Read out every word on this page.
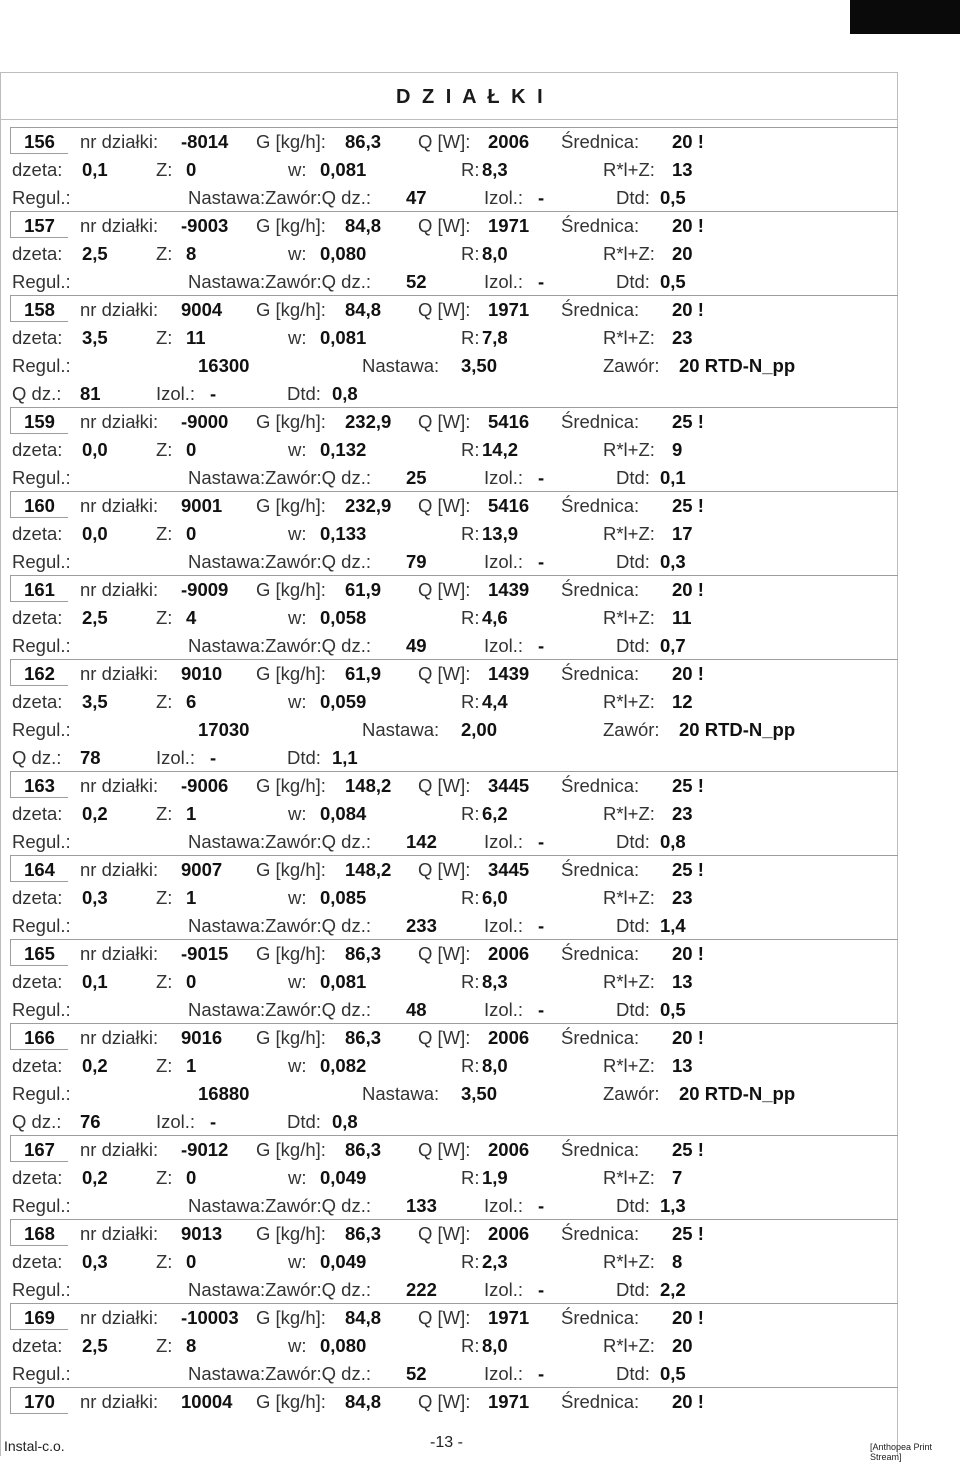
D Z I A Ł K I
156	nr działki: -8014 G [kg/h]: 86,3 Q [W]: 2006 Średnica: 20 !
dzeta: 0,1	Z: 0	w: 0,081	R: 8,3	R*l+Z: 13
Regul.:	Nastawa:Zawór:Q dz.: 47	Izol.: -	Dtd: 0,5
157	nr działki: -9003 G [kg/h]: 84,8 Q [W]: 1971 Średnica: 20 !
dzeta: 2,5	Z: 8	w: 0,080	R: 8,0	R*l+Z: 20
Regul.:	Nastawa:Zawór:Q dz.: 52	Izol.: -	Dtd: 0,5
158	nr działki: 9004 G [kg/h]: 84,8 Q [W]: 1971 Średnica: 20 !
dzeta: 3,5	Z: 11	w: 0,081	R: 7,8	R*l+Z: 23
Regul.:	16300	Nastawa: 3,50	Zawór: 20 RTD-N_pp
Q dz.: 81	Izol.: -	Dtd: 0,8
159	nr działki: -9000 G [kg/h]: 232,9 Q [W]: 5416 Średnica: 25 !
dzeta: 0,0	Z: 0	w: 0,132	R: 14,2	R*l+Z: 9
Regul.:	Nastawa:Zawór:Q dz.: 25	Izol.: -	Dtd: 0,1
160	nr działki: 9001 G [kg/h]: 232,9 Q [W]: 5416 Średnica: 25 !
dzeta: 0,0	Z: 0	w: 0,133	R: 13,9	R*l+Z: 17
Regul.:	Nastawa:Zawór:Q dz.: 79	Izol.: -	Dtd: 0,3
161	nr działki: -9009 G [kg/h]: 61,9 Q [W]: 1439 Średnica: 20 !
dzeta: 2,5	Z: 4	w: 0,058	R: 4,6	R*l+Z: 11
Regul.:	Nastawa:Zawór:Q dz.: 49	Izol.: -	Dtd: 0,7
162	nr działki: 9010 G [kg/h]: 61,9 Q [W]: 1439 Średnica: 20 !
dzeta: 3,5	Z: 6	w: 0,059	R: 4,4	R*l+Z: 12
Regul.:	17030	Nastawa: 2,00	Zawór: 20 RTD-N_pp
Q dz.: 78	Izol.: -	Dtd: 1,1
163	nr działki: -9006 G [kg/h]: 148,2 Q [W]: 3445 Średnica: 25 !
dzeta: 0,2	Z: 1	w: 0,084	R: 6,2	R*l+Z: 23
Regul.:	Nastawa:Zawór:Q dz.: 142	Izol.: -	Dtd: 0,8
164	nr działki: 9007 G [kg/h]: 148,2 Q [W]: 3445 Średnica: 25 !
dzeta: 0,3	Z: 1	w: 0,085	R: 6,0	R*l+Z: 23
Regul.:	Nastawa:Zawór:Q dz.: 233	Izol.: -	Dtd: 1,4
165	nr działki: -9015 G [kg/h]: 86,3 Q [W]: 2006 Średnica: 20 !
dzeta: 0,1	Z: 0	w: 0,081	R: 8,3	R*l+Z: 13
Regul.:	Nastawa:Zawór:Q dz.: 48	Izol.: -	Dtd: 0,5
166	nr działki: 9016 G [kg/h]: 86,3 Q [W]: 2006 Średnica: 20 !
dzeta: 0,2	Z: 1	w: 0,082	R: 8,0	R*l+Z: 13
Regul.:	16880	Nastawa: 3,50	Zawór: 20 RTD-N_pp
Q dz.: 76	Izol.: -	Dtd: 0,8
167	nr działki: -9012 G [kg/h]: 86,3 Q [W]: 2006 Średnica: 25 !
dzeta: 0,2	Z: 0	w: 0,049	R: 1,9	R*l+Z: 7
Regul.:	Nastawa:Zawór:Q dz.: 133	Izol.: -	Dtd: 1,3
168	nr działki: 9013 G [kg/h]: 86,3 Q [W]: 2006 Średnica: 25 !
dzeta: 0,3	Z: 0	w: 0,049	R: 2,3	R*l+Z: 8
Regul.:	Nastawa:Zawór:Q dz.: 222	Izol.: -	Dtd: 2,2
169	nr działki: -10003 G [kg/h]: 84,8 Q [W]: 1971 Średnica: 20 !
dzeta: 2,5	Z: 8	w: 0,080	R: 8,0	R*l+Z: 20
Regul.:	Nastawa:Zawór:Q dz.: 52	Izol.: -	Dtd: 0,5
170	nr działki: 10004 G [kg/h]: 84,8 Q [W]: 1971 Średnica: 20 !
Instal-c.o.	-13 -	[Anthopea Print Stream]
